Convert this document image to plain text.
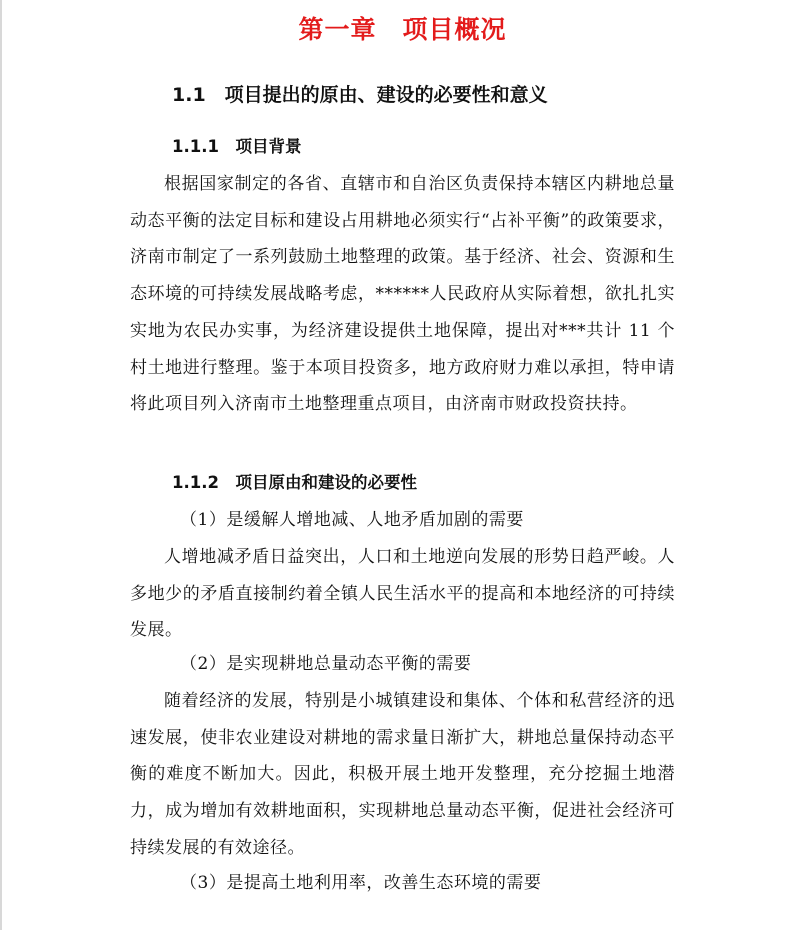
第一章　项目概况
1.1　项目提出的原由、建设的必要性和意义
1.1.1　项目背景
根据国家制定的各省、直辖市和自治区负责保持本辖区内耕地总量动态平衡的法定目标和建设占用耕地必须实行“占补平衡”的政策要求，济南市制定了一系列鼓励土地整理的政策。基于经济、社会、资源和生态环境的可持续发展战略考虑，******人民政府从实际着想，欲扎扎实实地为农民办实事，为经济建设提供土地保障，提出对***共计 11 个村土地进行整理。鉴于本项目投资多，地方政府财力难以承担，特申请将此项目列入济南市土地整理重点项目，由济南市财政投资扶持。
1.1.2　项目原由和建设的必要性
（1）是缓解人增地减、人地矛盾加剧的需要
人增地减矛盾日益突出，人口和土地逆向发展的形势日趋严峻。人多地少的矛盾直接制约着全镇人民生活水平的提高和本地经济的可持续发展。
（2）是实现耕地总量动态平衡的需要
随着经济的发展，特别是小城镇建设和集体、个体和私营经济的迅速发展，使非农业建设对耕地的需求量日渐扩大，耕地总量保持动态平衡的难度不断加大。因此，积极开展土地开发整理，充分挖掘土地潜力，成为增加有效耕地面积，实现耕地总量动态平衡，促进社会经济可持续发展的有效途径。
（3）是提高土地利用率，改善生态环境的需要
